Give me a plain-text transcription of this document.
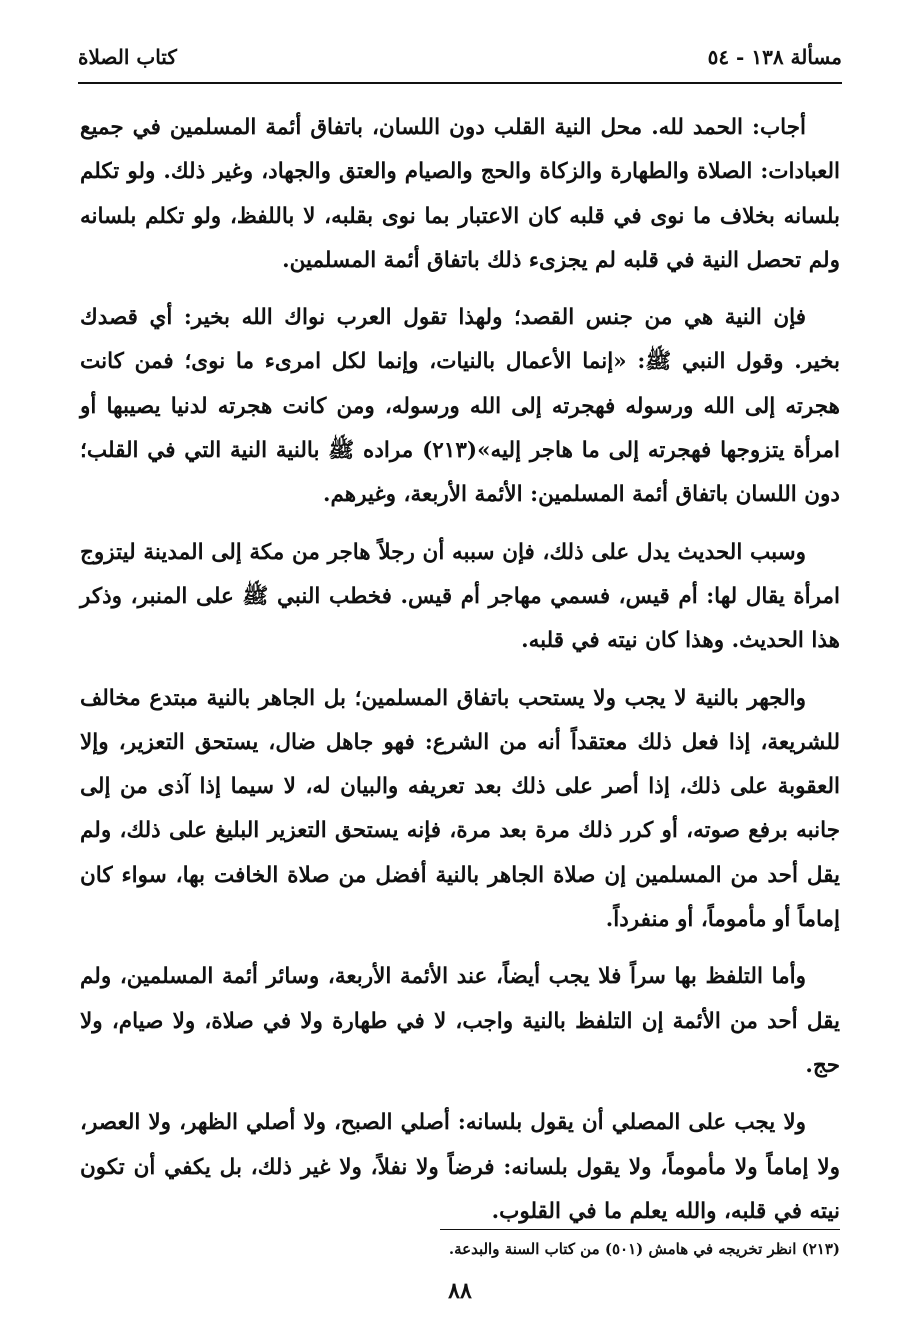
مسألة ١٣٨ - ٥٤
كتاب الصلاة

أجاب: الحمد لله. محل النية القلب دون اللسان، باتفاق أئمة المسلمين في جميع العبادات: الصلاة والطهارة والزكاة والحج والصيام والعتق والجهاد، وغير ذلك. ولو تكلم بلسانه بخلاف ما نوى في قلبه كان الاعتبار بما نوى بقلبه، لا باللفظ، ولو تكلم بلسانه ولم تحصل النية في قلبه لم يجزىء ذلك باتفاق أئمة المسلمين.

فإن النية هي من جنس القصد؛ ولهذا تقول العرب نواك الله بخير: أي قصدك بخير. وقول النبي ﷺ: «إنما الأعمال بالنيات، وإنما لكل امرىء ما نوى؛ فمن كانت هجرته إلى الله ورسوله فهجرته إلى الله ورسوله، ومن كانت هجرته لدنيا يصيبها أو امرأة يتزوجها فهجرته إلى ما هاجر إليه»(٢١٣) مراده ﷺ بالنية النية التي في القلب؛ دون اللسان باتفاق أئمة المسلمين: الأئمة الأربعة، وغيرهم.

وسبب الحديث يدل على ذلك، فإن سببه أن رجلاً هاجر من مكة إلى المدينة ليتزوج امرأة يقال لها: أم قيس، فسمي مهاجر أم قيس. فخطب النبي ﷺ على المنبر، وذكر هذا الحديث. وهذا كان نيته في قلبه.

والجهر بالنية لا يجب ولا يستحب باتفاق المسلمين؛ بل الجاهر بالنية مبتدع مخالف للشريعة، إذا فعل ذلك معتقداً أنه من الشرع: فهو جاهل ضال، يستحق التعزير، وإلا العقوبة على ذلك، إذا أصر على ذلك بعد تعريفه والبيان له، لا سيما إذا آذى من إلى جانبه برفع صوته، أو كرر ذلك مرة بعد مرة، فإنه يستحق التعزير البليغ على ذلك، ولم يقل أحد من المسلمين إن صلاة الجاهر بالنية أفضل من صلاة الخافت بها، سواء كان إماماً أو مأموماً، أو منفرداً.

وأما التلفظ بها سراً فلا يجب أيضاً، عند الأئمة الأربعة، وسائر أئمة المسلمين، ولم يقل أحد من الأئمة إن التلفظ بالنية واجب، لا في طهارة ولا في صلاة، ولا صيام، ولا حج.

ولا يجب على المصلي أن يقول بلسانه: أصلي الصبح، ولا أصلي الظهر، ولا العصر، ولا إماماً ولا مأموماً، ولا يقول بلسانه: فرضاً ولا نفلاً، ولا غير ذلك، بل يكفي أن تكون نيته في قلبه، والله يعلم ما في القلوب.

(٢١٣) انظر تخريجه في هامش (٥٠١) من كتاب السنة والبدعة.
٨٨
